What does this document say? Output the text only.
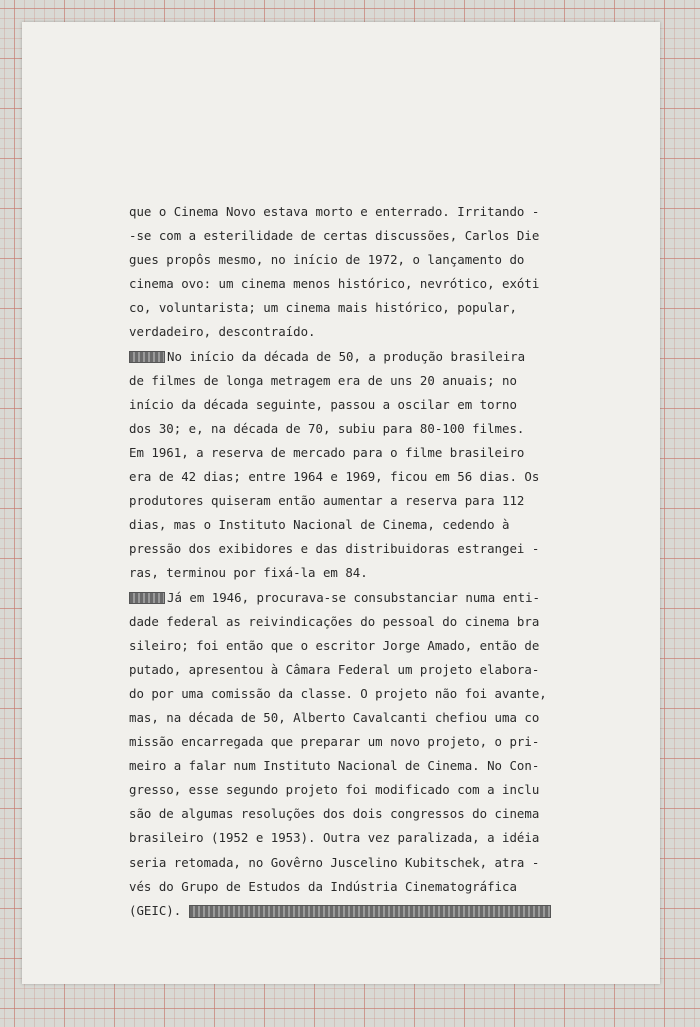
que o Cinema Novo estava morto e enterrado. Irritando -
-se com a esterilidade de certas discussões, Carlos Die
gues propôs mesmo, no início de 1972, o lançamento do
cinema ovo: um cinema menos histórico, nevrótico, exóti
co, voluntarista; um cinema mais histórico, popular,
verdadeiro, descontraído.
No início da década de 50, a produção brasileira
de filmes de longa metragem era de uns 20 anuais; no
início da década seguinte, passou a oscilar em torno
dos 30; e, na década de 70, subiu para 80-100 filmes.
Em 1961, a reserva de mercado para o filme brasileiro
era de 42 dias; entre 1964 e 1969, ficou em 56 dias. Os
produtores quiseram então aumentar a reserva para 112
dias, mas o Instituto Nacional de Cinema, cedendo à
pressão dos exibidores e das distribuidoras estrangei -
ras, terminou por fixá-la em 84.
Já em 1946, procurava-se consubstanciar numa enti-
dade federal as reivindicações do pessoal do cinema bra
sileiro; foi então que o escritor Jorge Amado, então de
putado, apresentou à Câmara Federal um projeto elabora-
do por uma comissão da classe. O projeto não foi avante,
mas, na década de 50, Alberto Cavalcanti chefiou uma co
missão encarregada que preparar um novo projeto, o pri-
meiro a falar num Instituto Nacional de Cinema. No Con-
gresso, esse segundo projeto foi modificado com a inclu
são de algumas resoluções dos dois congressos do cinema
brasileiro (1952 e 1953). Outra vez paralizada, a idéia
seria retomada, no Govêrno Juscelino Kubitschek, atra -
vés do Grupo de Estudos da Indústria Cinematográfica
(GEIC).
